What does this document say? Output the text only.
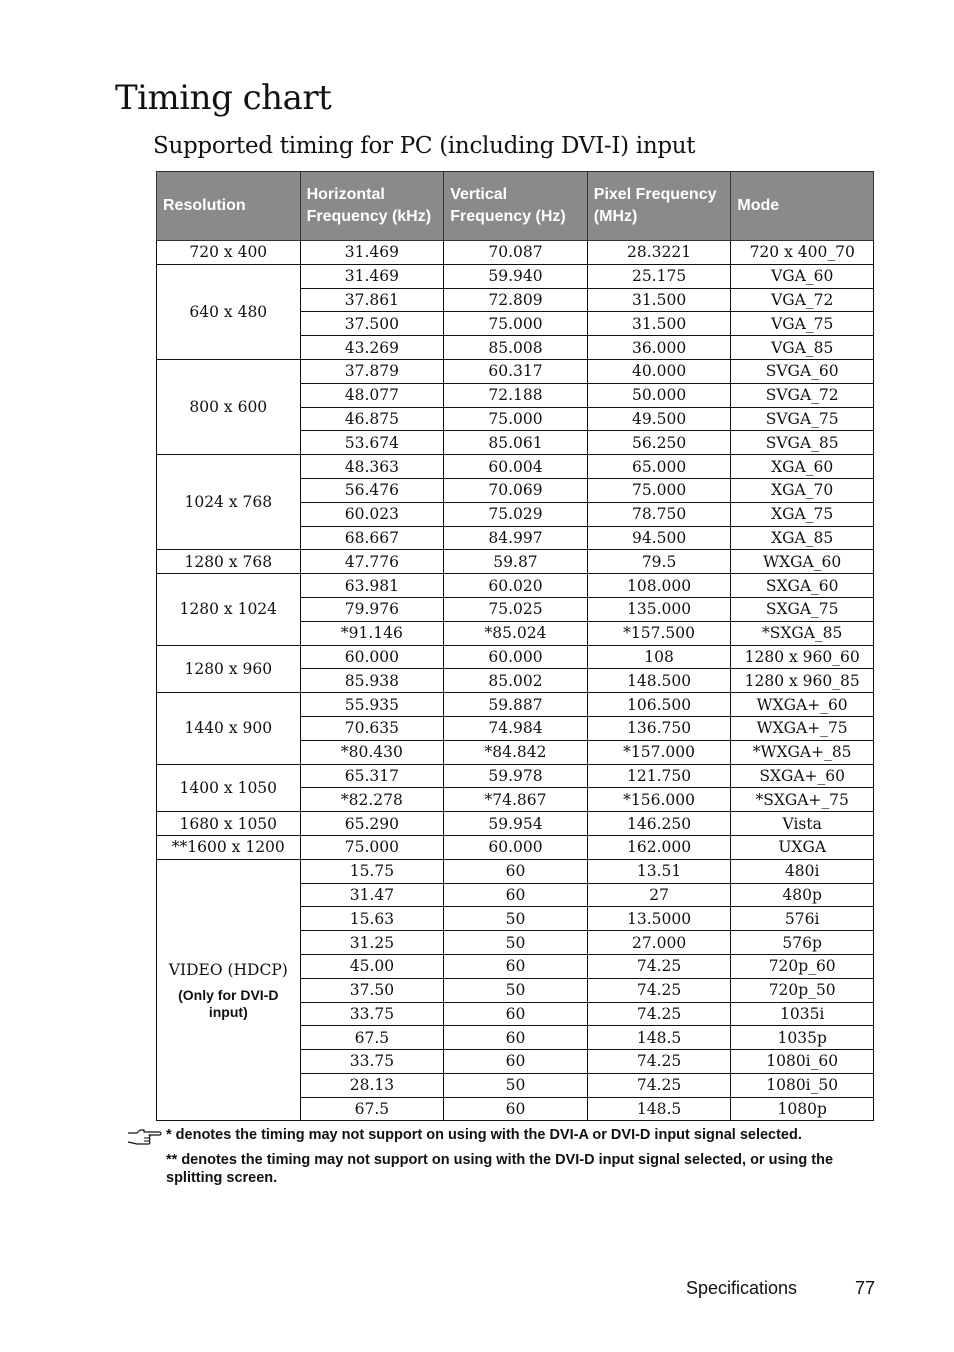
Timing chart
Supported timing for PC (including DVI-I) input
Resolution	Horizontal Frequency (kHz)	Vertical Frequency (Hz)	Pixel Frequency (MHz)	Mode
720 x 400	31.469	70.087	28.3221	720 x 400_70
640 x 480	31.469	59.940	25.175	VGA_60
	37.861	72.809	31.500	VGA_72
	37.500	75.000	31.500	VGA_75
	43.269	85.008	36.000	VGA_85
800 x 600	37.879	60.317	40.000	SVGA_60
	48.077	72.188	50.000	SVGA_72
	46.875	75.000	49.500	SVGA_75
	53.674	85.061	56.250	SVGA_85
1024 x 768	48.363	60.004	65.000	XGA_60
	56.476	70.069	75.000	XGA_70
	60.023	75.029	78.750	XGA_75
	68.667	84.997	94.500	XGA_85
1280 x 768	47.776	59.87	79.5	WXGA_60
1280 x 1024	63.981	60.020	108.000	SXGA_60
	79.976	75.025	135.000	SXGA_75
	*91.146	*85.024	*157.500	*SXGA_85
1280 x 960	60.000	60.000	108	1280 x 960_60
	85.938	85.002	148.500	1280 x 960_85
1440 x 900	55.935	59.887	106.500	WXGA+_60
	70.635	74.984	136.750	WXGA+_75
	*80.430	*84.842	*157.000	*WXGA+_85
1400 x 1050	65.317	59.978	121.750	SXGA+_60
	*82.278	*74.867	*156.000	*SXGA+_75
1680 x 1050	65.290	59.954	146.250	Vista
**1600 x 1200	75.000	60.000	162.000	UXGA
VIDEO (HDCP)
(Only for DVI-D input)	15.75	60	13.51	480i
	31.47	60	27	480p
	15.63	50	13.5000	576i
	31.25	50	27.000	576p
	45.00	60	74.25	720p_60
	37.50	50	74.25	720p_50
	33.75	60	74.25	1035i
	67.5	60	148.5	1035p
	33.75	60	74.25	1080i_60
	28.13	50	74.25	1080i_50
	67.5	60	148.5	1080p

* denotes the timing may not support on using with the DVI-A or DVI-D input signal selected.

** denotes the timing may not support on using with the DVI-D input signal selected, or using the splitting screen.

Specifications	77
